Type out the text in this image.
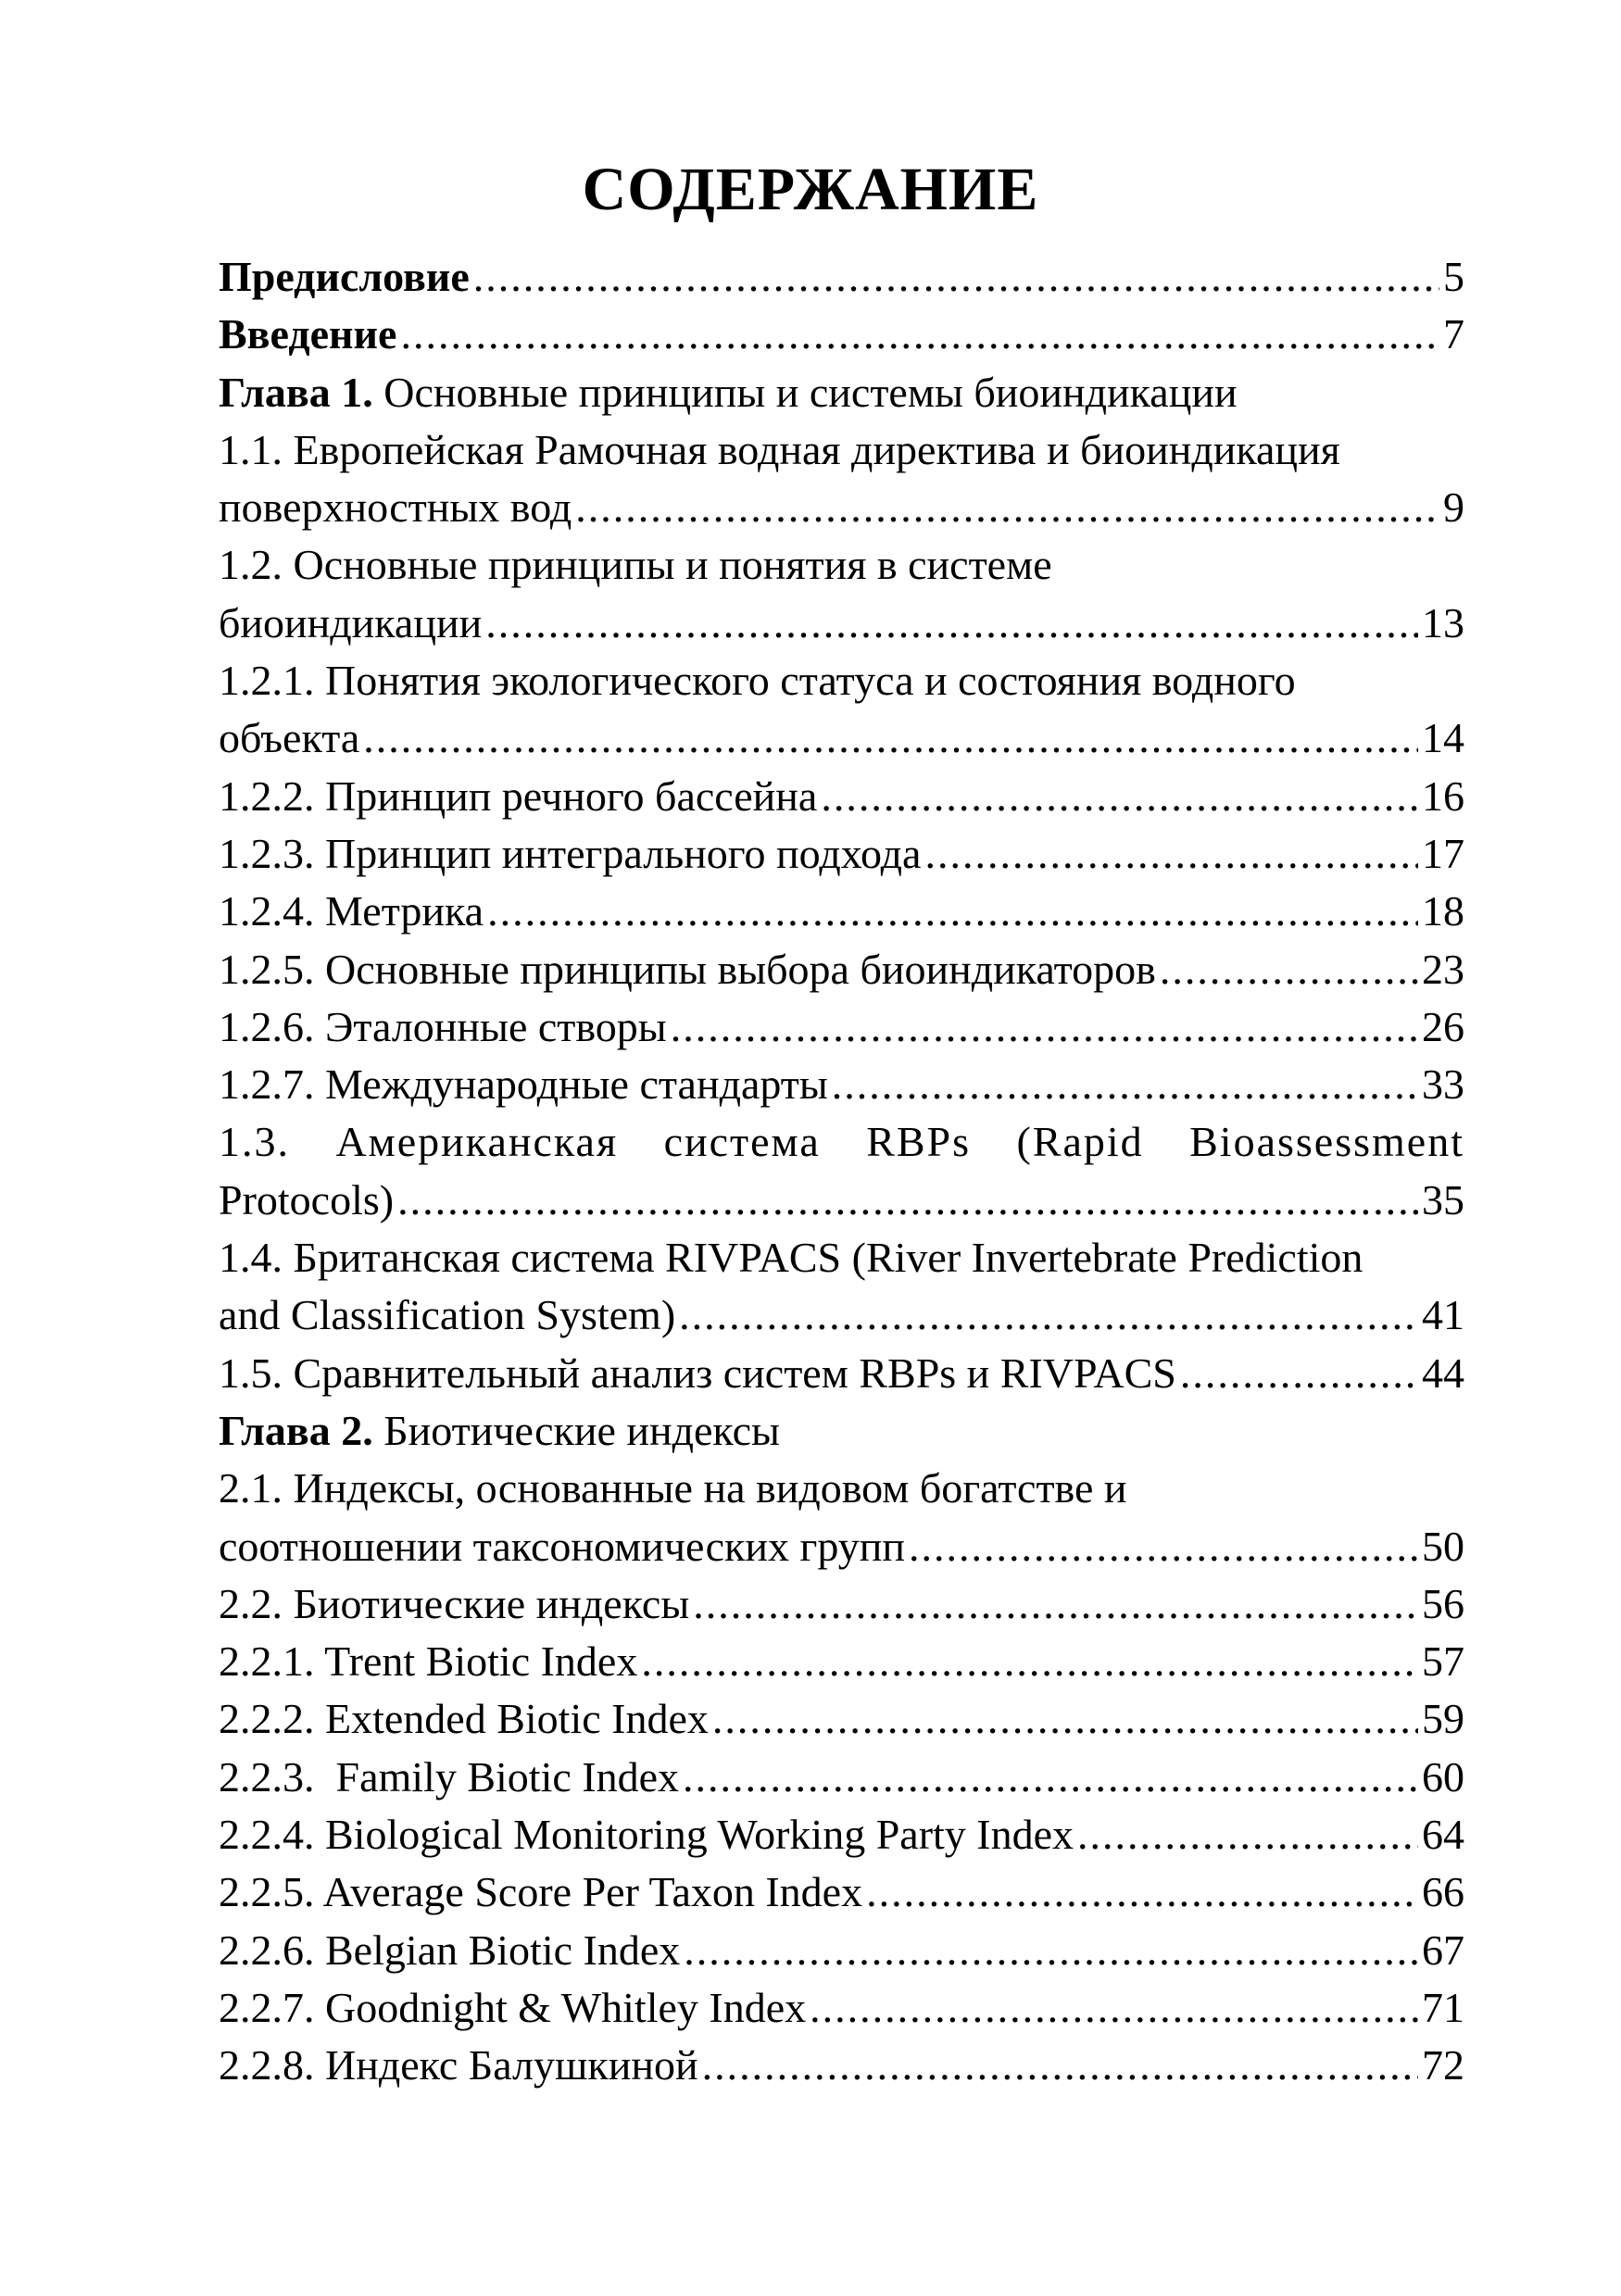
СОДЕРЖАНИЕ
Предисловие .....	5
Введение .....	7
Глава 1.
Основные принципы и системы биоиндикации
1.1. Европейская Рамочная водная директива и биоиндикация
поверхностных вод .....	9
1.2. Основные принципы и понятия в системе
биоиндикации .....	13
1.2.1. Понятия экологического статуса и состояния водного
объекта .....	14
1.2.2. Принцип речного бассейна .....	16
1.2.3. Принцип интегрального подхода .....	17
1.2.4. Метрика .....	18
1.2.5. Основные принципы выбора биоиндикаторов .....	23
1.2.6. Эталонные створы .....	26
1.2.7. Международные стандарты .....	33
1.3. Американская система RBPs (Rapid Bioassessment
Protocols) .....	35
1.4. Британская система RIVPACS (River Invertebrate Prediction
and Classification System) .....	41
1.5. Сравнительный анализ систем RBPs и RIVPACS .....	44
Глава 2.
Биотические индексы
2.1. Индексы, основанные на видовом богатстве и
соотношении таксономических групп .....	50
2.2. Биотические индексы .....	56
2.2.1. Trent Biotic Index .....	57
2.2.2. Extended Biotic Index .....	59
2.2.3.  Family Biotic Index .....	60
2.2.4. Biological Monitoring Working Party Index .....	64
2.2.5. Average Score Per Taxon Index .....	66
2.2.6. Belgian Biotic Index .....	67
2.2.7. Goodnight & Whitley Index .....	71
2.2.8. Индекс Балушкиной .....	72
